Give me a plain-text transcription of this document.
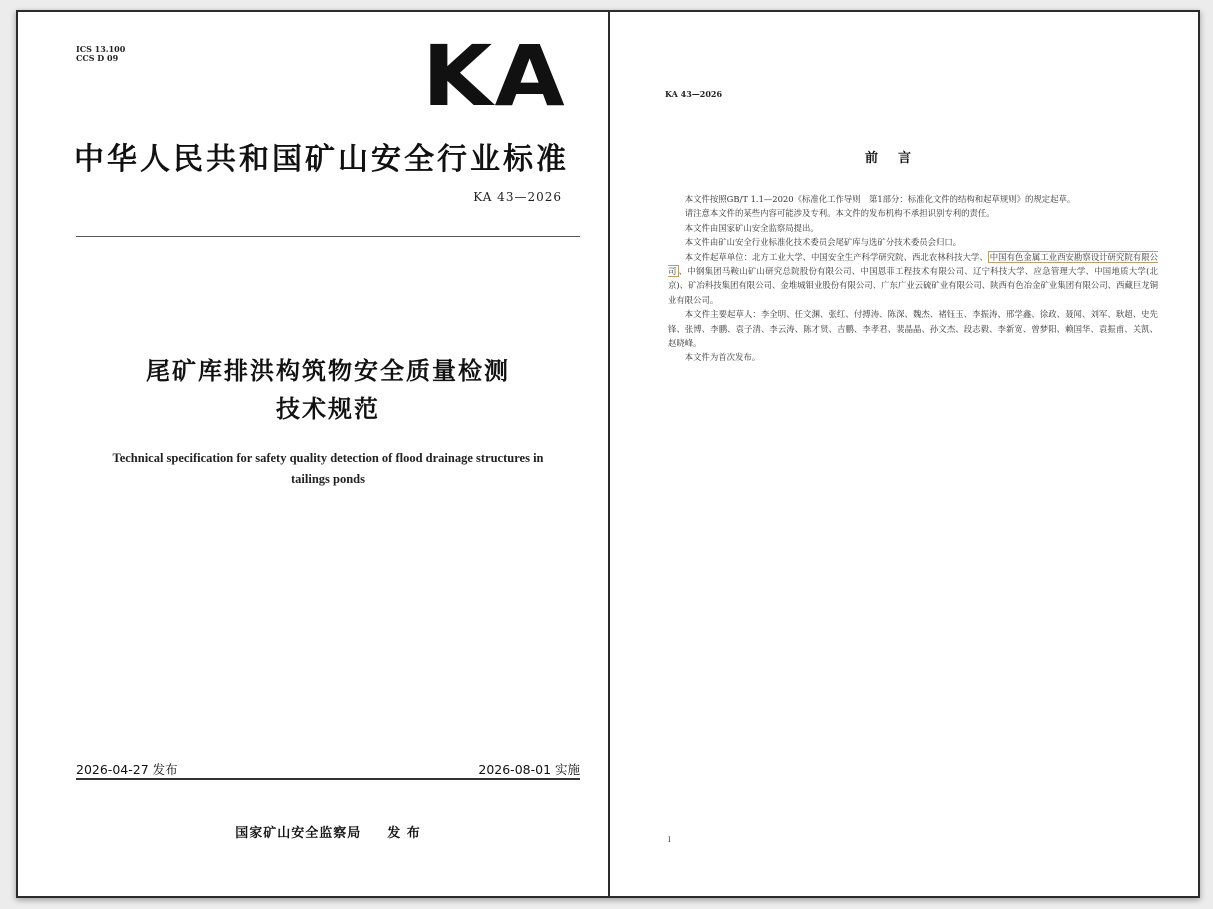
ICS 13.100
CCS D 09	KA
中华人民共和国矿山安全行业标准
KA 43—2026
尾矿库排洪构筑物安全质量检测
技术规范
Technical specification for safety quality detection of flood drainage structures in tailings ponds
2026-04-27 发布	2026-08-01 实施
国家矿山安全监察局 发 布
KA 43—2026
前言

本文件按照GB/T 1.1—2020《标准化工作导则　第1部分：标准化文件的结构和起草规则》的规定起草。

请注意本文件的某些内容可能涉及专利。本文件的发布机构不承担识别专利的责任。

本文件由国家矿山安全监察局提出。

本文件由矿山安全行业标准化技术委员会尾矿库与选矿分技术委员会归口。

本文件起草单位：北方工业大学、中国安全生产科学研究院、西北农林科技大学、 中国有色金属工业西安勘察设计研究院有限公司 、中钢集团马鞍山矿山研究总院股份有限公司、中国恩菲工程技术有限公司、辽宁科技大学、应急管理大学、中国地质大学(北京)、矿冶科技集团有限公司、金堆城钼业股份有限公司、广东广业云硫矿业有限公司、陕西有色冶金矿业集团有限公司、西藏巨龙铜业有限公司。

本文件主要起草人：李全明、任文渊、张红、付搏涛、陈深、魏杰、褚钰玉、李振涛、邢学鑫、徐政、聂闻、刘军、耿超、史先锋、张博、李鹏、袁子清、李云涛、陈才贤、吉鹏、李孝君、裴晶晶、孙文杰、段志毅、李新宽、曾梦阳、赖国华、袁振甫、关凯、赵晓峰。

本文件为首次发布。

I
